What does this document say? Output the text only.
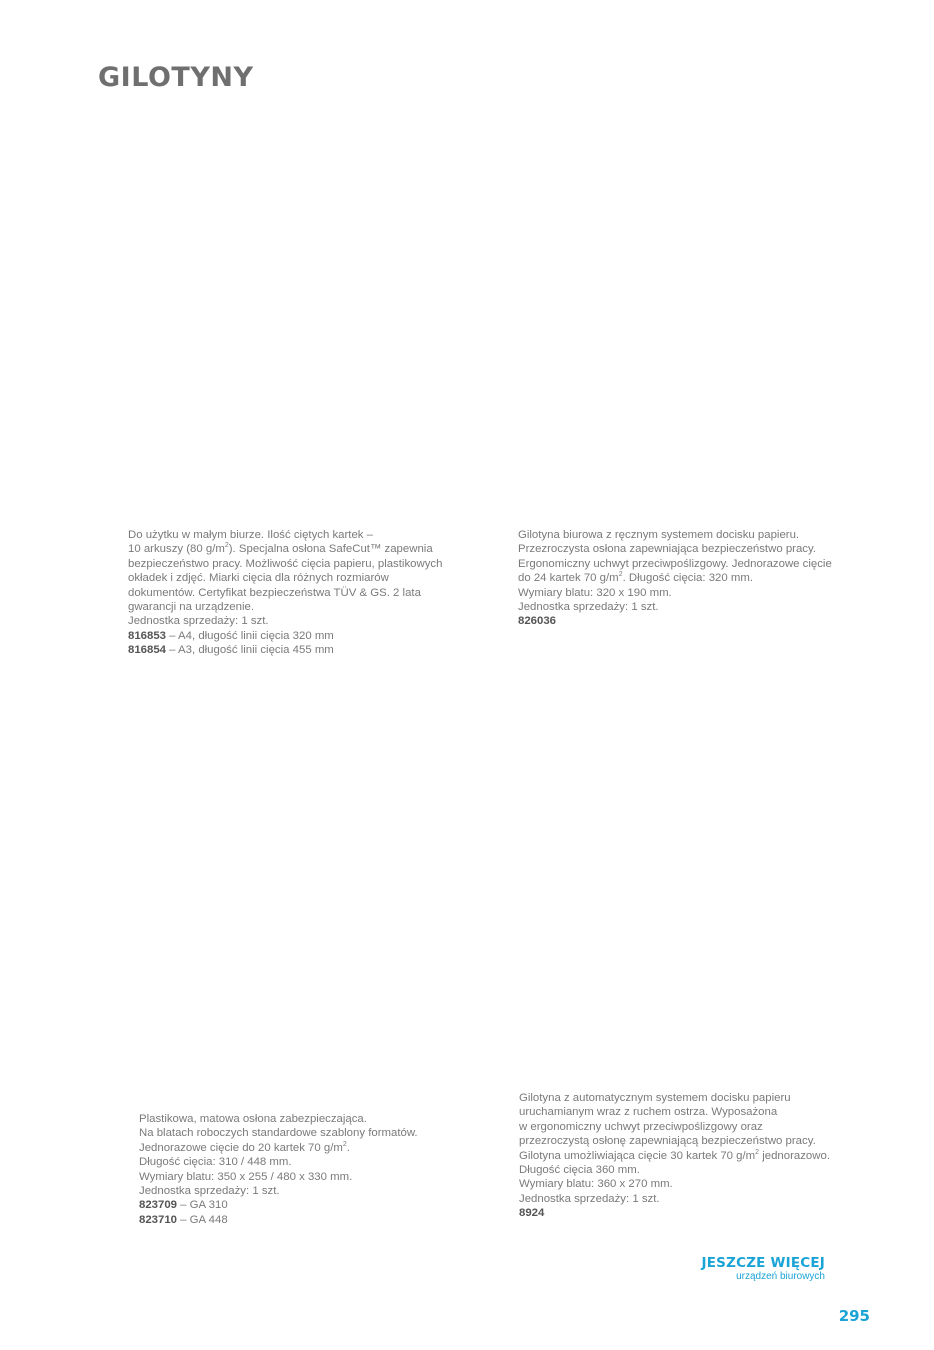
GILOTYNY
Do użytku w małym biurze. Ilość ciętych kartek –
10 arkuszy (80 $g/m^2$). Specjalna osłona SafeCut™ zapewnia
bezpieczeństwo pracy. Możliwość cięcia papieru, plastikowych
okładek i zdjęć. Miarki cięcia dla różnych rozmiarów
dokumentów. Certyfikat bezpieczeństwa TÜV & GS. 2 lata
gwarancji na urządzenie.
Jednostka sprzedaży: 1 szt.
816853 – A4, długość linii cięcia 320 mm
816854 – A3, długość linii cięcia 455 mm
Gilotyna biurowa z ręcznym systemem docisku papieru.
Przezroczysta osłona zapewniająca bezpieczeństwo pracy.
Ergonomiczny uchwyt przeciwpoślizgowy. Jednorazowe cięcie
do 24 kartek 70 $g/m^2$. Długość cięcia: 320 mm.
Wymiary blatu: 320 x 190 mm.
Jednostka sprzedaży: 1 szt.
826036
Plastikowa, matowa osłona zabezpieczająca.
Na blatach roboczych standardowe szablony formatów.
Jednorazowe cięcie do 20 kartek 70 $g/m^2$.
Długość cięcia: 310 / 448 mm.
Wymiary blatu: 350 x 255 / 480 x 330 mm.
Jednostka sprzedaży: 1 szt.
823709 – GA 310
823710 – GA 448
Gilotyna z automatycznym systemem docisku papieru
uruchamianym wraz z ruchem ostrza. Wyposażona
w ergonomiczny uchwyt przeciwpoślizgowy oraz
przezroczystą osłonę zapewniającą bezpieczeństwo pracy.
Gilotyna umożliwiająca cięcie 30 kartek 70 $g/m^2$ jednorazowo.
Długość cięcia 360 mm.
Wymiary blatu: 360 x 270 mm.
Jednostka sprzedaży: 1 szt.
8924
JESZCZE WIĘCEJ
urządzeń biurowych
295
